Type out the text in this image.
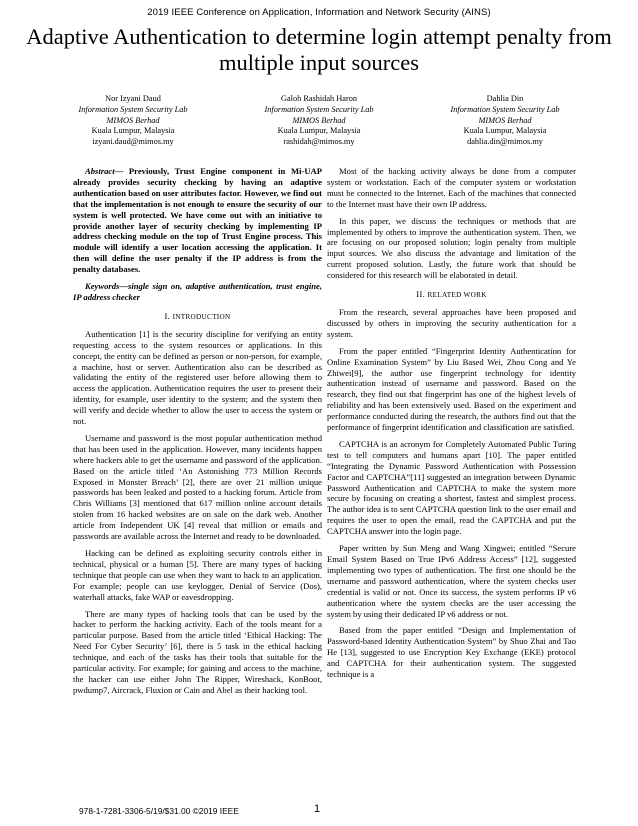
2019 IEEE Conference on Application, Information and Network Security (AINS)
Adaptive Authentication to determine login attempt penalty from multiple input sources
Nor Izyani Daud
Information System Security Lab
MIMOS Berhad
Kuala Lumpur, Malaysia
izyani.daud@mimos.my
Galoh Rashidah Haron
Information System Security Lab
MIMOS Berhad
Kuala Lumpur, Malaysia
rashidah@mimos.my
Dahlia Din
Information System Security Lab
MIMOS Berhad
Kuala Lumpur, Malaysia
dahlia.din@mimos.my

Abstract— Previously, Trust Engine component in Mi-UAP already provides security checking by having an adaptive authentication based on user attributes factor. However, we find out that the implementation is not enough to ensure the security of our system is well protected. We have come out with an initiative to provide another layer of security checking by implementing IP address checking module on the top of Trust Engine process. This module will identify a user location accessing the application. It then will define the user penalty if the IP address is from the penalty databases.

Keywords—single sign on, adaptive authentication, trust engine, IP address checker

I. INTRODUCTION

Authentication [1] is the security discipline for verifying an entity requesting access to the system resources or applications. In this concept, the entity can be defined as person or non-person, for example, a machine, host or server. Authentication also can be described as validating the entity of the registered user before allowing them to access the application. Authentication requires the user to present their identity, for example, user identity to the system; and the system then will verify and decide whether to allow the user to access the system or not.

Username and password is the most popular authentication method that has been used in the application. However, many incidents happen where hackers able to get the username and password of the application. Based on the article titled ‘An Astonishing 773 Million Records Exposed in Monster Breach’ [2], there are over 21 million unique passwords has been leaked and posted to a hacking forum. Article from Chris Williams [3] mentioned that 617 million online account details stolen from 16 hacked websites are on sale on the dark web. Another article from Independent UK [4] reveal that million or emails and passwords are available across the Internet and ready to be downloaded.

Hacking can be defined as exploiting security controls either in technical, physical or a human [5]. There are many types of hacking technique that people can use when they want to hack to an application. For example; people can use keylogger, Denial of Service (Dos), waterhall attacks, fake WAP or eavesdropping.

There are many types of hacking tools that can be used by the hacker to perform the hacking activity. Each of the tools meant for a particular purpose. Based from the article titled ‘Ethical Hacking: The Need For Cyber Security’ [6], there is 5 task in the ethical hacking technique, and each of the tasks has their tools that suitable for the particular activity. For example; for gaining and access to the machine, the hacker can use either John The Ripper, Wireshack, KonBoot, pwdump7, Aircrack, Fluxion or Cain and Abel as their hacking tool.

Most of the hacking activity always be done from a computer system or workstation. Each of the computer system or workstation must be connected to the Internet. Each of the machines that connected to the Internet must have their own IP address.

In this paper, we discuss the techniques or methods that are implemented by others to improve the authentication system. Then, we are focusing on our proposed solution; login penalty from multiple input sources. We also discuss the advantage and limitation of the current proposed solution. Lastly, the future work that should be considered for this research will be elaborated in detail.

II. RELATED WORK

From the research, several approaches have been proposed and discussed by others in improving the security authentication for a system.

From the paper entitled “Fingerprint Identity Authentication for Online Examination System” by Liu Based Wei, Zhou Cong and Ye Zhiwei[9], the author use fingerprint technology for identity authentication instead of username and password. Based on the research, they find out that fingerprint has one of the highest levels of reliability and has been extensively used. Based on the experiment and performance conducted during the research, the authors find out that the performance of fingerprint identification and classification are satisfied.

CAPTCHA is an acronym for Completely Automated Public Turing test to tell computers and humans apart [10]. The paper entitled “Integrating the Dynamic Password Authentication with Possession Factor and CAPTCHA”[11] suggested an integration between Dynamic Password Authentication and CAPTCHA to make the system more secure by focusing on creating a shortest, fastest and simplest process. The author idea is to sent CAPTCHA question link to the user email and requires the user to open the email, read the CAPTCHA and put the CAPTCHA answer into the login page.

Paper written by Sun Meng and Wang Xingwei; entitled “Secure Email System Based on True IPv6 Address Access” [12], suggested implementing two types of authentication. The first one should be the username and password authentication, where the system checks user credential is valid or not. Once its success, the system performs IP v6 authentication where the system checks are the user accessing the system by using their dedicated IP v6 address or not.

Based from the paper entitled “Design and Implementation of Password-based Identity Authentication System” by Shuo Zhai and Tao He [13], suggested to use Encryption Key Exchange (EKE) protocol and CAPTCHA for their authentication system. The suggested technique is a

978-1-7281-3306-5/19/$31.00 ©2019 IEEE	1
